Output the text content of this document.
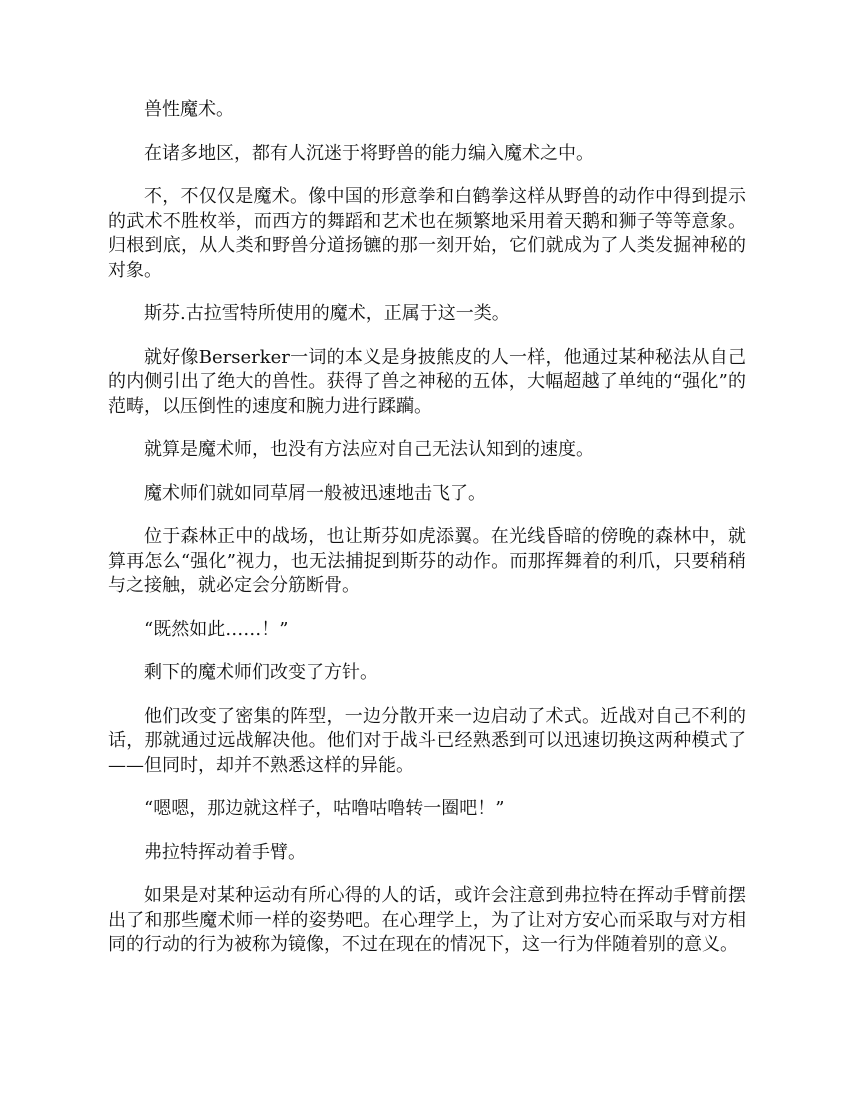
兽性魔术。

在诸多地区，都有人沉迷于将野兽的能力编入魔术之中。

不，不仅仅是魔术。像中国的形意拳和白鹤拳这样从野兽的动作中得到提示的武术不胜枚举，而西方的舞蹈和艺术也在频繁地采用着天鹅和狮子等等意象。归根到底，从人类和野兽分道扬镳的那一刻开始，它们就成为了人类发掘神秘的对象。

斯芬.古拉雪特所使用的魔术，正属于这一类。

就好像Berserker一词的本义是身披熊皮的人一样，他通过某种秘法从自己的内侧引出了绝大的兽性。获得了兽之神秘的五体，大幅超越了单纯的“强化”的范畴，以压倒性的速度和腕力进行蹂躏。

就算是魔术师，也没有方法应对自己无法认知到的速度。

魔术师们就如同草屑一般被迅速地击飞了。

位于森林正中的战场，也让斯芬如虎添翼。在光线昏暗的傍晚的森林中，就算再怎么“强化”视力，也无法捕捉到斯芬的动作。而那挥舞着的利爪，只要稍稍与之接触，就必定会分筋断骨。

“既然如此……！”

剩下的魔术师们改变了方针。

他们改变了密集的阵型，一边分散开来一边启动了术式。近战对自己不利的话，那就通过远战解决他。他们对于战斗已经熟悉到可以迅速切换这两种模式了——但同时，却并不熟悉这样的异能。

“嗯嗯，那边就这样子，咕噜咕噜转一圈吧！”

弗拉特挥动着手臂。

如果是对某种运动有所心得的人的话，或许会注意到弗拉特在挥动手臂前摆出了和那些魔术师一样的姿势吧。在心理学上，为了让对方安心而采取与对方相同的行动的行为被称为镜像，不过在现在的情况下，这一行为伴随着别的意义。
